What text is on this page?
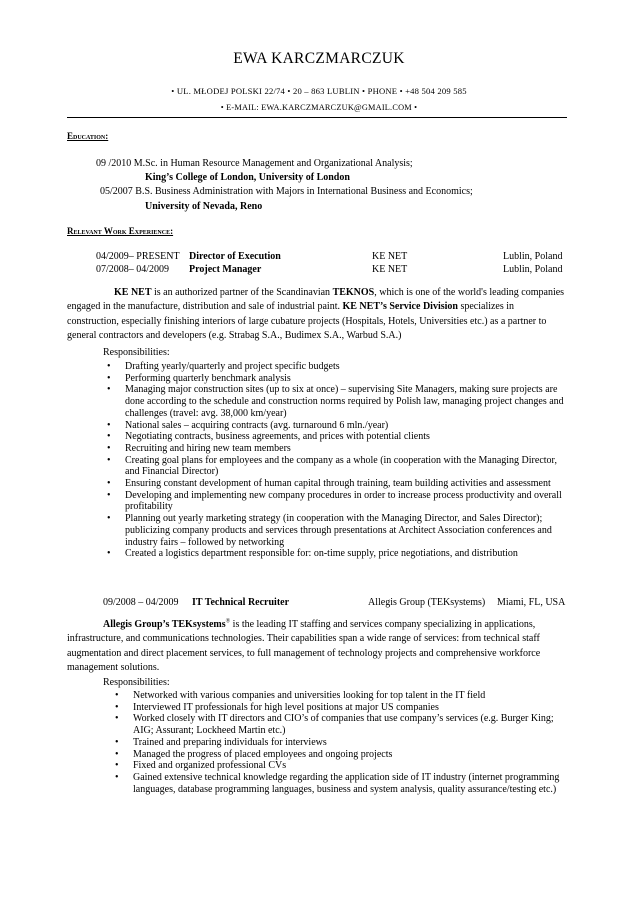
EWA KARCZMARCZUK
• UL. MŁODEJ POLSKI 22/74 • 20 – 863 LUBLIN • PHONE • +48 504 209 585
• E-MAIL: EWA.KARCZMARCZUK@GMAIL.COM •
Education:
09 /2010 M.Sc. in Human Resource Management and Organizational Analysis;
King’s College of London, University of London
05/2007 B.S. Business Administration with Majors in International Business and Economics;
University of Nevada, Reno
Relevant Work Experience:
04/2009– PRESENT Director of Execution	KE NET	Lublin, Poland
07/2008– 04/2009 Project Manager	KE NET	Lublin, Poland
KE NET is an authorized partner of the Scandinavian TEKNOS, which is one of the world's leading companies engaged in the manufacture, distribution and sale of industrial paint. KE NET’s Service Division specializes in construction, especially finishing interiors of large cubature projects (Hospitals, Hotels, Universities etc.) as a partner to general contractors and developers (e.g. Strabag S.A., Budimex S.A., Warbud S.A.)
Responsibilities:
• Drafting yearly/quarterly and project specific budgets
• Performing quarterly benchmark analysis
• Managing major construction sites (up to six at once) – supervising Site Managers, making sure projects are done according to the schedule and construction norms required by Polish law, managing project changes and challenges (travel: avg. 38,000 km/year)
• National sales – acquiring contracts (avg. turnaround 6 mln./year)
• Negotiating contracts, business agreements, and prices with potential clients
• Recruiting and hiring new team members
• Creating goal plans for employees and the company as a whole (in cooperation with the Managing Director, and Financial Director)
• Ensuring constant development of human capital through training, team building activities and assessment
• Developing and implementing new company procedures in order to increase process productivity and overall profitability
• Planning out yearly marketing strategy (in cooperation with the Managing Director, and Sales Director); publicizing company products and services through presentations at Architect Association conferences and industry fairs – followed by networking
• Created a logistics department responsible for: on-time supply, price negotiations, and distribution
09/2008 – 04/2009 IT Technical Recruiter	Allegis Group (TEKsystems) Miami, FL, USA
Allegis Group’s TEKsystems® is the leading IT staffing and services company specializing in applications, infrastructure, and communications technologies. Their capabilities span a wide range of services: from technical staff augmentation and direct placement services, to full management of technology projects and comprehensive workforce management solutions.
Responsibilities:
• Networked with various companies and universities looking for top talent in the IT field
• Interviewed IT professionals for high level positions at major US companies
• Worked closely with IT directors and CIO’s of companies that use company’s services (e.g. Burger King; AIG; Assurant; Lockheed Martin etc.)
• Trained and preparing individuals for interviews
• Managed the progress of placed employees and ongoing projects
• Fixed and organized professional CVs
• Gained extensive technical knowledge regarding the application side of IT industry (internet programming languages, database programming languages, business and system analysis, quality assurance/testing etc.)
